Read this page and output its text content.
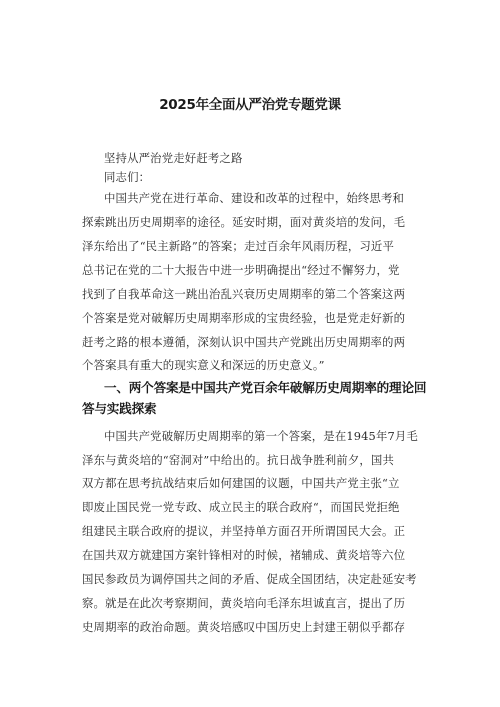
2025年全面从严治党专题党课
坚持从严治党走好赶考之路
同志们：
中国共产党在进行革命、建设和改革的过程中，始终思考和
探索跳出历史周期率的途径。延安时期，面对黄炎培的发问，毛
泽东给出了“民主新路”的答案；走过百余年风雨历程，习近平
总书记在党的二十大报告中进一步明确提出“经过不懈努力，党
找到了自我革命这一跳出治乱兴衰历史周期率的第二个答案这两
个答案是党对破解历史周期率形成的宝贵经验，也是党走好新的
赶考之路的根本遵循，深刻认识中国共产党跳出历史周期率的两
个答案具有重大的现实意义和深远的历史意义。”
一、两个答案是中国共产党百余年破解历史周期率的理论回
答与实践探索
中国共产党破解历史周期率的第一个答案，是在1945年7月毛
泽东与黄炎培的“窑洞对”中给出的。抗日战争胜利前夕，国共
双方都在思考抗战结束后如何建国的议题，中国共产党主张“立
即废止国民党一党专政、成立民主的联合政府“，而国民党拒绝
组建民主联合政府的提议，并坚持单方面召开所谓国民大会。正
在国共双方就建国方案针锋相对的时候，褚辅成、黄炎培等六位
国民参政员为调停国共之间的矛盾、促成全国团结，决定赴延安考
察。就是在此次考察期间，黄炎培向毛泽东坦诚直言，提出了历
史周期率的政治命题。黄炎培感叹中国历史上封建王朝似乎都存
